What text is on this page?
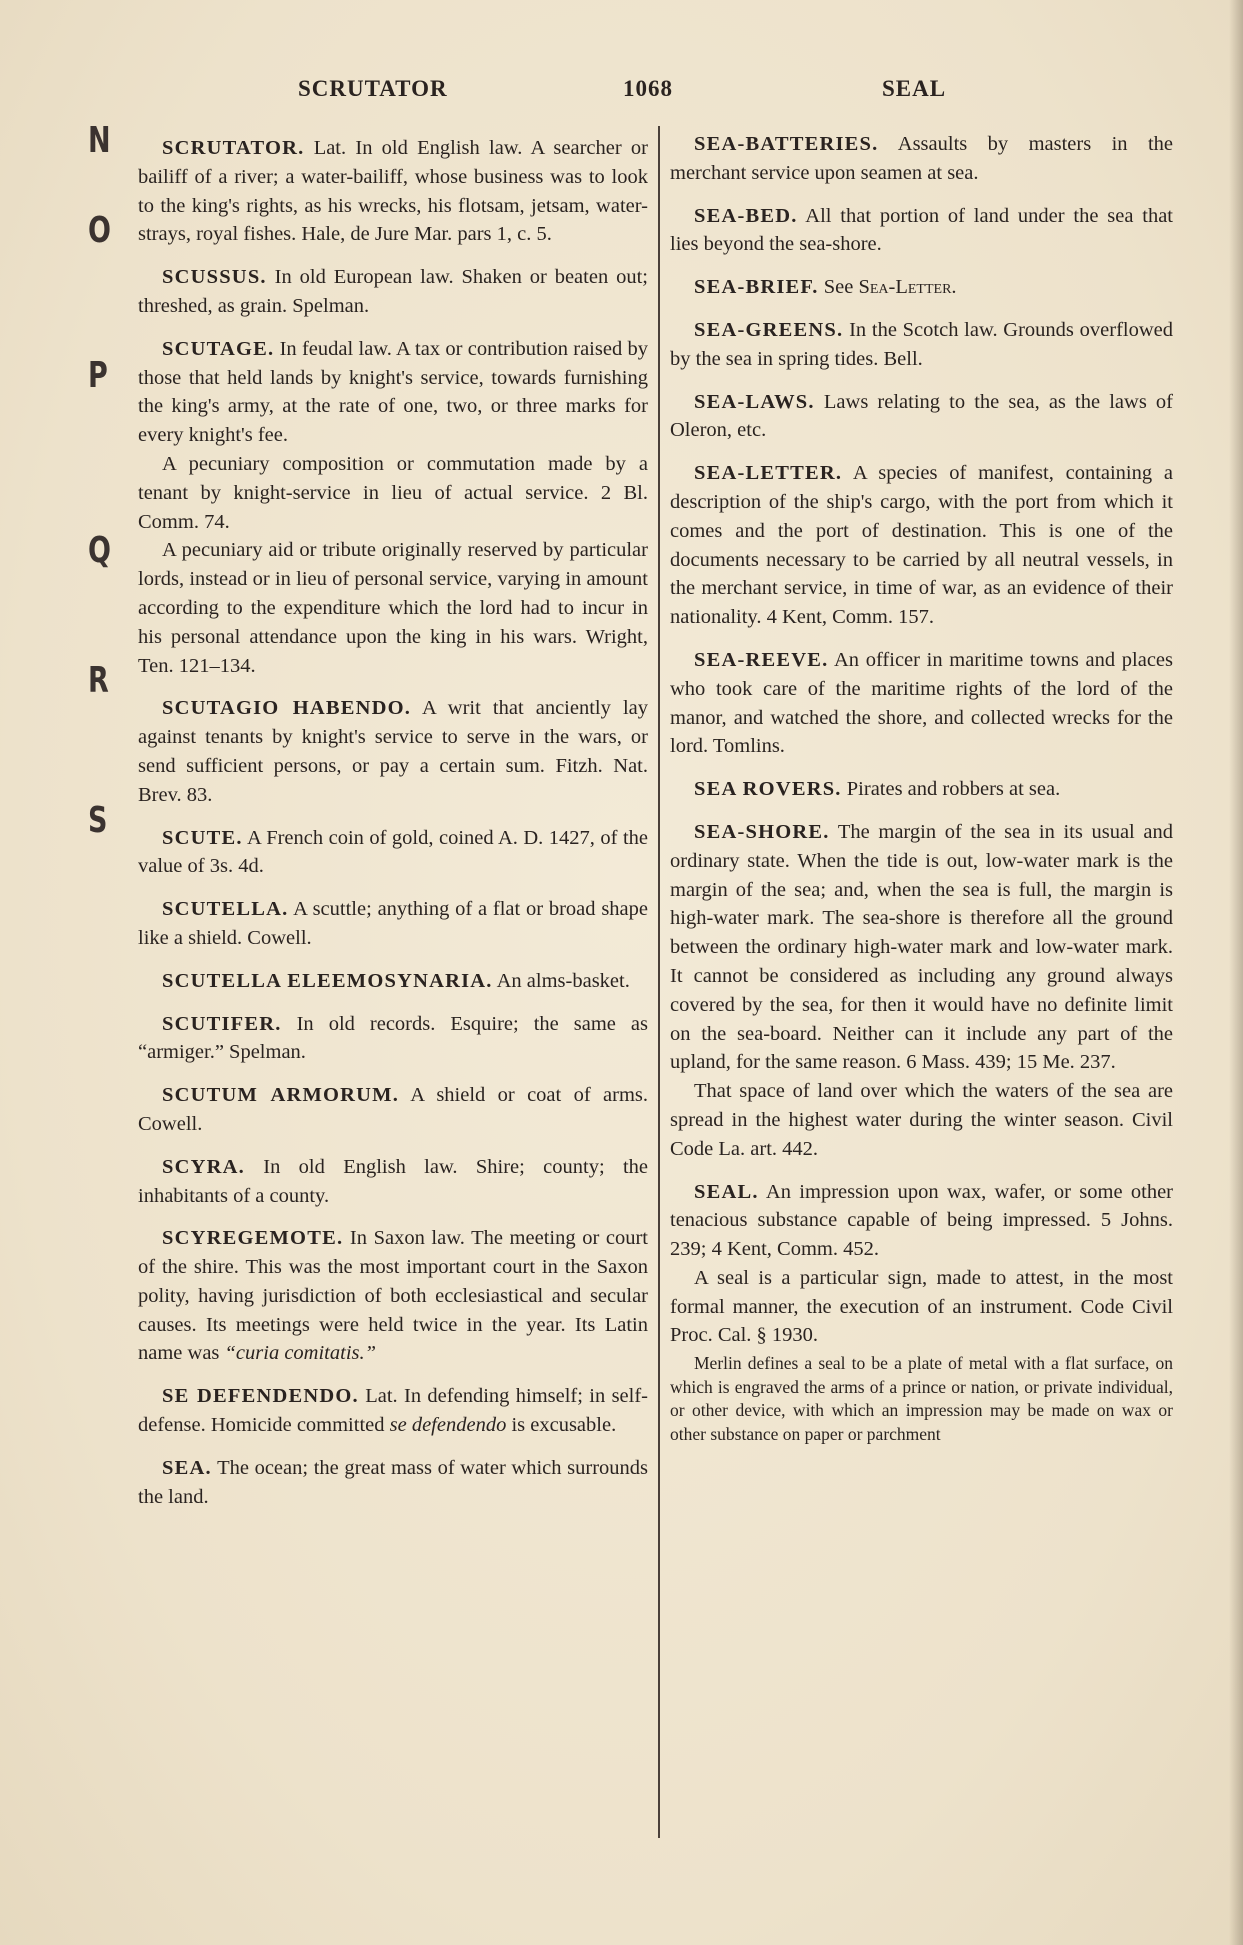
SCRUTATOR	1068	SEAL
N
O
P
Q
R
S

SCRUTATOR. Lat. In old English law. A searcher or bailiff of a river; a water-bailiff, whose business was to look to the king's rights, as his wrecks, his flotsam, jetsam, water-strays, royal fishes. Hale, de Jure Mar. pars 1, c. 5.

SCUSSUS. In old European law. Shaken or beaten out; threshed, as grain. Spelman.

SCUTAGE. In feudal law. A tax or contribution raised by those that held lands by knight's service, towards furnishing the king's army, at the rate of one, two, or three marks for every knight's fee.
A pecuniary composition or commutation made by a tenant by knight-service in lieu of actual service. 2 Bl. Comm. 74.
A pecuniary aid or tribute originally reserved by particular lords, instead or in lieu of personal service, varying in amount according to the expenditure which the lord had to incur in his personal attendance upon the king in his wars. Wright, Ten. 121–134.

SCUTAGIO HABENDO. A writ that anciently lay against tenants by knight's service to serve in the wars, or send sufficient persons, or pay a certain sum. Fitzh. Nat. Brev. 83.

SCUTE. A French coin of gold, coined A. D. 1427, of the value of 3s. 4d.

SCUTELLA. A scuttle; anything of a flat or broad shape like a shield. Cowell.

SCUTELLA ELEEMOSYNARIA. An alms-basket.

SCUTIFER. In old records. Esquire; the same as “armiger.” Spelman.

SCUTUM ARMORUM. A shield or coat of arms. Cowell.

SCYRA. In old English law. Shire; county; the inhabitants of a county.

SCYREGEMOTE. In Saxon law. The meeting or court of the shire. This was the most important court in the Saxon polity, having jurisdiction of both ecclesiastical and secular causes. Its meetings were held twice in the year. Its Latin name was “curia comitatis.”

SE DEFENDENDO. Lat. In defending himself; in self-defense. Homicide committed se defendendo is excusable.

SEA. The ocean; the great mass of water which surrounds the land.

SEA-BATTERIES. Assaults by masters in the merchant service upon seamen at sea.

SEA-BED. All that portion of land under the sea that lies beyond the sea-shore.

SEA-BRIEF. See Sea-Letter.

SEA-GREENS. In the Scotch law. Grounds overflowed by the sea in spring tides. Bell.

SEA-LAWS. Laws relating to the sea, as the laws of Oleron, etc.

SEA-LETTER. A species of manifest, containing a description of the ship's cargo, with the port from which it comes and the port of destination. This is one of the documents necessary to be carried by all neutral vessels, in the merchant service, in time of war, as an evidence of their nationality. 4 Kent, Comm. 157.

SEA-REEVE. An officer in maritime towns and places who took care of the maritime rights of the lord of the manor, and watched the shore, and collected wrecks for the lord. Tomlins.

SEA ROVERS. Pirates and robbers at sea.

SEA-SHORE. The margin of the sea in its usual and ordinary state. When the tide is out, low-water mark is the margin of the sea; and, when the sea is full, the margin is high-water mark. The sea-shore is therefore all the ground between the ordinary high-water mark and low-water mark. It cannot be considered as including any ground always covered by the sea, for then it would have no definite limit on the sea-board. Neither can it include any part of the upland, for the same reason. 6 Mass. 439; 15 Me. 237.
That space of land over which the waters of the sea are spread in the highest water during the winter season. Civil Code La. art. 442.

SEAL. An impression upon wax, wafer, or some other tenacious substance capable of being impressed. 5 Johns. 239; 4 Kent, Comm. 452.
A seal is a particular sign, made to attest, in the most formal manner, the execution of an instrument. Code Civil Proc. Cal. § 1930.
Merlin defines a seal to be a plate of metal with a flat surface, on which is engraved the arms of a prince or nation, or private individual, or other device, with which an impression may be made on wax or other substance on paper or parchment
